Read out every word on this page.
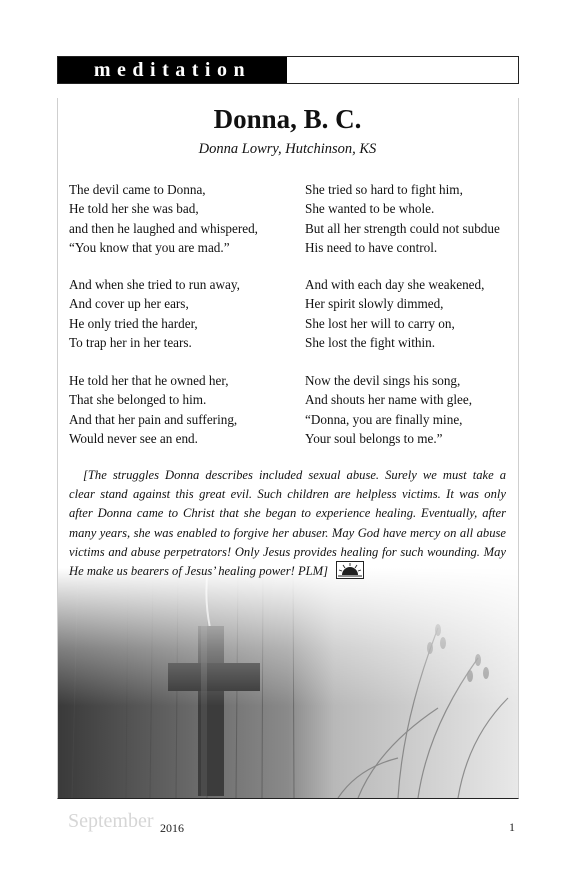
meditation
Donna, B. C.
Donna Lowry, Hutchinson, KS
The devil came to Donna,
He told her she was bad,
and then he laughed and whispered,
“You know that you are mad.”
And when she tried to run away,
And cover up her ears,
He only tried the harder,
To trap her in her tears.
He told her that he owned her,
That she belonged to him.
And that her pain and suffering,
Would never see an end.
She tried so hard to fight him,
She wanted to be whole.
But all her strength could not subdue
His need to have control.
And with each day she weakened,
Her spirit slowly dimmed,
She lost her will to carry on,
She lost the fight within.
Now the devil sings his song,
And shouts her name with glee,
“Donna, you are finally mine,
Your soul belongs to me.”
[The struggles Donna describes included sexual abuse. Surely we must take a
clear stand against this great evil. Such children are helpless victims. It was only
after Donna came to Christ that she began to experience healing. Eventually, after
many years, she was enabled to forgive her abuser. May God have mercy on all abuse
victims and abuse perpetrators! Only Jesus provides healing for such wounding. May
He make us bearers of Jesus’ healing power! PLM]
September 2016	1
